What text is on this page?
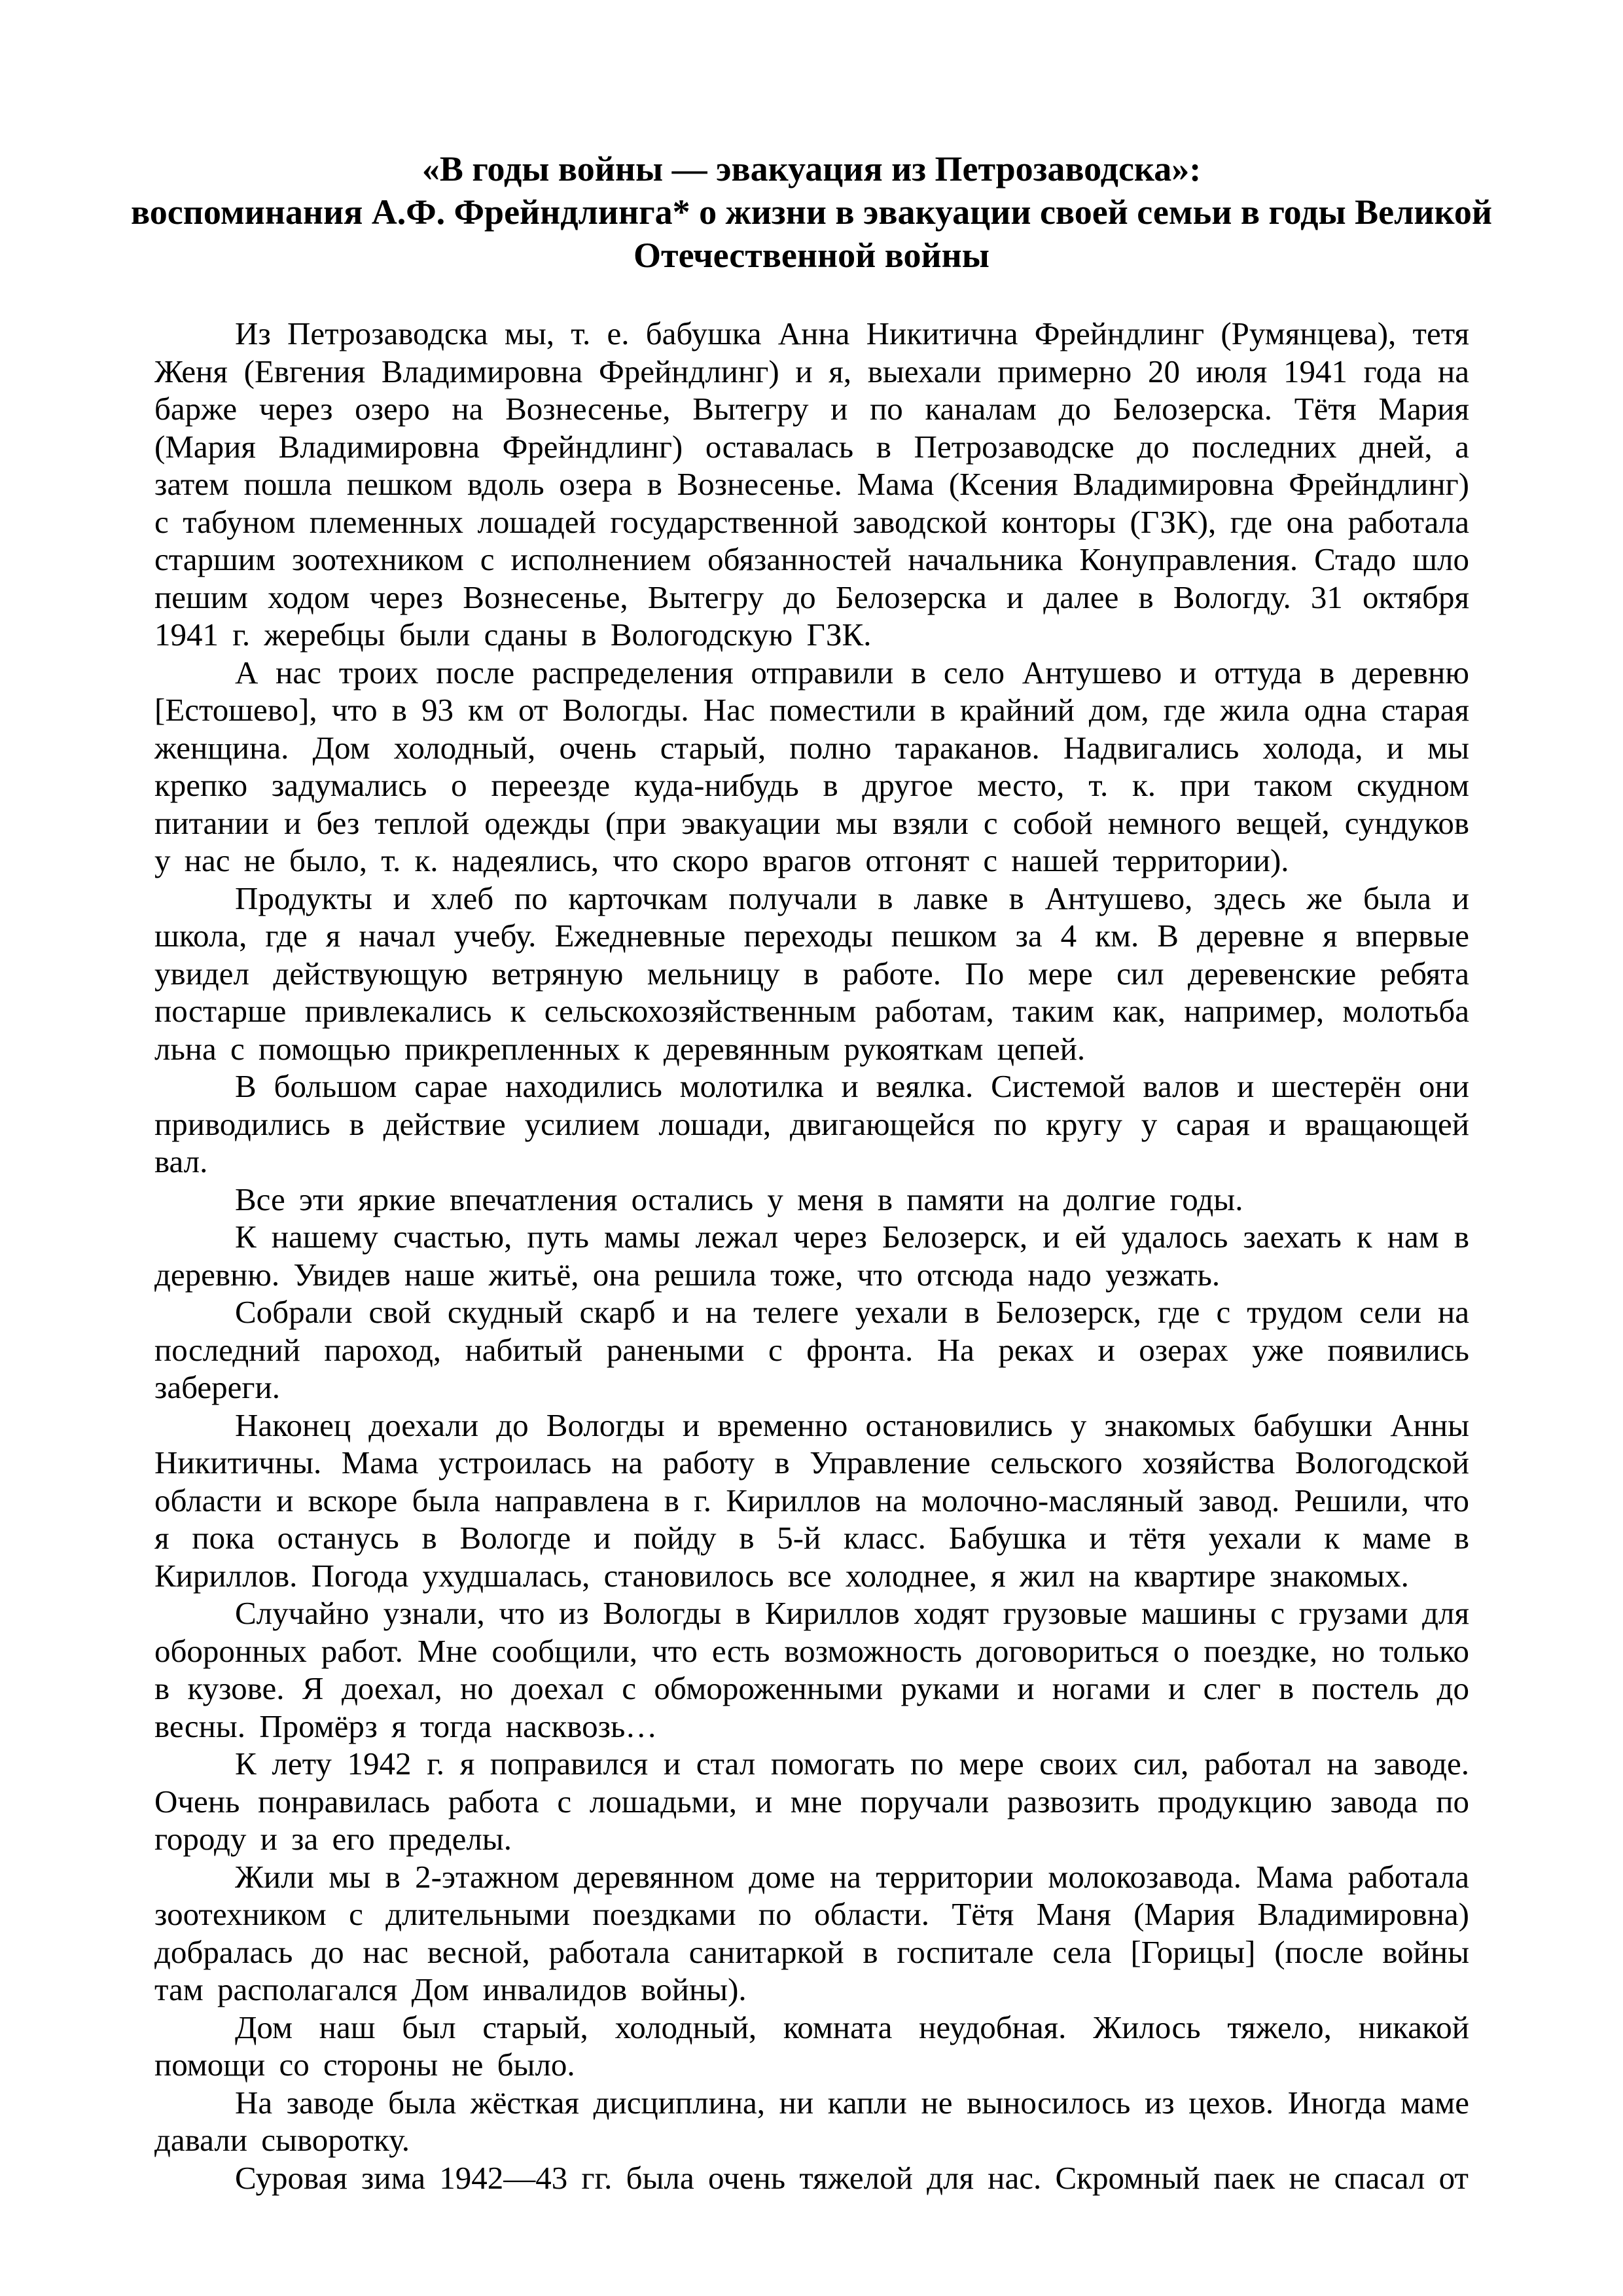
«В годы войны — эвакуация из Петрозаводска»:
воспоминания А.Ф. Фрейндлинга* о жизни в эвакуации своей семьи в годы Великой
Отечественной войны

Из Петрозаводска мы, т. е. бабушка Анна Никитична Фрейндлинг (Румянцева), тетя Женя (Евгения Владимировна Фрейндлинг) и я, выехали примерно 20 июля 1941 года на барже через озеро на Вознесенье, Вытегру и по каналам до Белозерска. Тётя Мария (Мария Владимировна Фрейндлинг) оставалась в Петрозаводске до последних дней, а затем пошла пешком вдоль озера в Вознесенье. Мама (Ксения Владимировна Фрейндлинг) с табуном племенных лошадей государственной заводской конторы (ГЗК), где она работала старшим зоотехником с исполнением обязанностей начальника Конуправления. Стадо шло пешим ходом через Вознесенье, Вытегру до Белозерска и далее в Вологду. 31 октября 1941 г. жеребцы были сданы в Вологодскую ГЗК.

А нас троих после распределения отправили в село Антушево и оттуда в деревню [Естошево], что в 93 км от Вологды. Нас поместили в крайний дом, где жила одна старая женщина. Дом холодный, очень старый, полно тараканов. Надвигались холода, и мы крепко задумались о переезде куда-нибудь в другое место, т. к. при таком скудном питании и без теплой одежды (при эвакуации мы взяли с собой немного вещей, сундуков у нас не было, т. к. надеялись, что скоро врагов отгонят с нашей территории).

Продукты и хлеб по карточкам получали в лавке в Антушево, здесь же была и школа, где я начал учебу. Ежедневные переходы пешком за 4 км. В деревне я впервые увидел действующую ветряную мельницу в работе. По мере сил деревенские ребята постарше привлекались к сельскохозяйственным работам, таким как, например, молотьба льна с помощью прикрепленных к деревянным рукояткам цепей.

В большом сарае находились молотилка и веялка. Системой валов и шестерён они приводились в действие усилием лошади, двигающейся по кругу у сарая и вращающей вал.

Все эти яркие впечатления остались у меня в памяти на долгие годы.

К нашему счастью, путь мамы лежал через Белозерск, и ей удалось заехать к нам в деревню. Увидев наше житьё, она решила тоже, что отсюда надо уезжать.

Собрали свой скудный скарб и на телеге уехали в Белозерск, где с трудом сели на последний пароход, набитый ранеными с фронта. На реках и озерах уже появились забереги.

Наконец доехали до Вологды и временно остановились у знакомых бабушки Анны Никитичны. Мама устроилась на работу в Управление сельского хозяйства Вологодской области и вскоре была направлена в г. Кириллов на молочно-масляный завод. Решили, что я пока останусь в Вологде и пойду в 5-й класс. Бабушка и тётя уехали к маме в Кириллов. Погода ухудшалась, становилось все холоднее, я жил на квартире знакомых.

Случайно узнали, что из Вологды в Кириллов ходят грузовые машины с грузами для оборонных работ. Мне сообщили, что есть возможность договориться о поездке, но только в кузове. Я доехал, но доехал с обмороженными руками и ногами и слег в постель до весны. Промёрз я тогда насквозь…

К лету 1942 г. я поправился и стал помогать по мере своих сил, работал на заводе. Очень понравилась работа с лошадьми, и мне поручали развозить продукцию завода по городу и за его пределы.

Жили мы в 2-этажном деревянном доме на территории молокозавода. Мама работала зоотехником с длительными поездками по области. Тётя Маня (Мария Владимировна) добралась до нас весной, работала санитаркой в госпитале села [Горицы] (после войны там располагался Дом инвалидов войны).

Дом наш был старый, холодный, комната неудобная. Жилось тяжело, никакой помощи со стороны не было.

На заводе была жёсткая дисциплина, ни капли не выносилось из цехов. Иногда маме давали сыворотку.

Суровая зима 1942—43 гг. была очень тяжелой для нас. Скромный паек не спасал от
